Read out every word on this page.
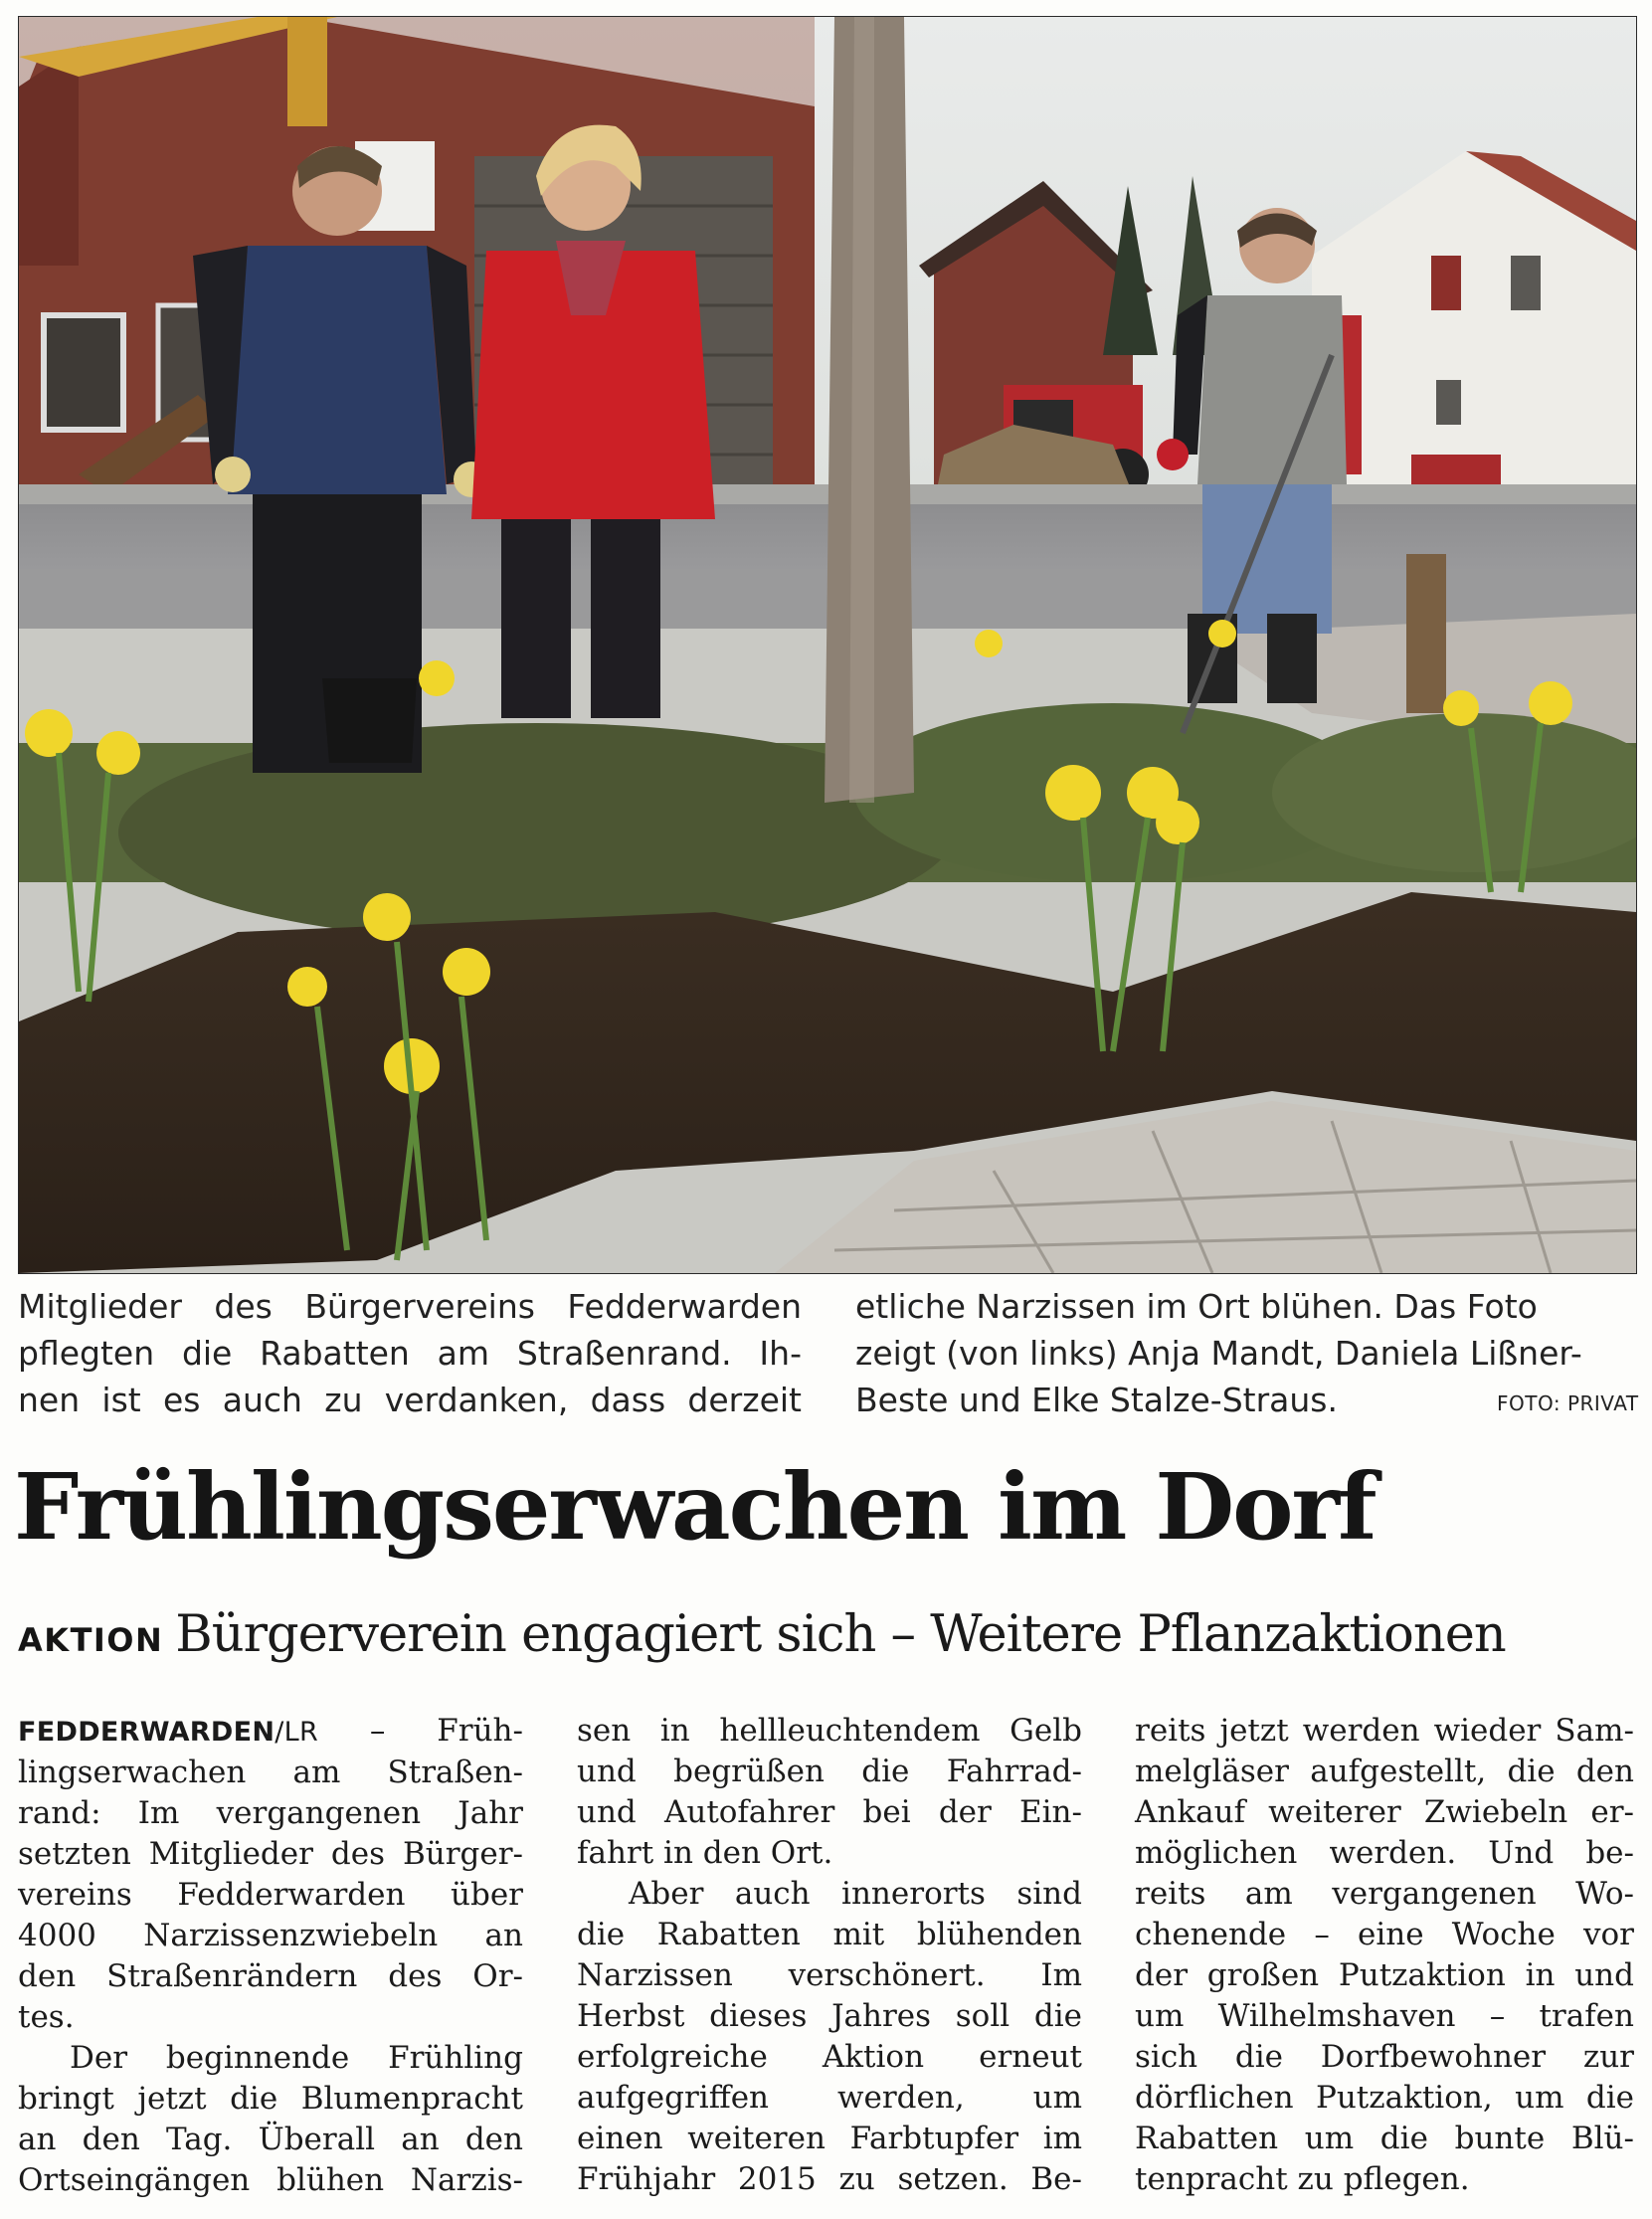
Mitglieder des Bürgervereins Fedderwarden
pflegten die Rabatten am Straßenrand. Ih-
nen ist es auch zu verdanken, dass derzeit
etliche Narzissen im Ort blühen. Das Foto
zeigt (von links) Anja Mandt, Daniela Lißner-
Beste und Elke Stalze-Straus.	FOTO: PRIVAT
Frühlingserwachen im Dorf
AKTION Bürgerverein engagiert sich – Weitere Pflanzaktionen
FEDDERWARDEN/LR – Früh-
lingserwachen am Straßen-
rand: Im vergangenen Jahr
setzten Mitglieder des Bürger-
vereins Fedderwarden über
4000 Narzissenzwiebeln an
den Straßenrändern des Or-
tes.
Der beginnende Frühling
bringt jetzt die Blumenpracht
an den Tag. Überall an den
Ortseingängen blühen Narzis-
sen in hellleuchtendem Gelb
und begrüßen die Fahrrad-
und Autofahrer bei der Ein-
fahrt in den Ort.
Aber auch innerorts sind
die Rabatten mit blühenden
Narzissen verschönert. Im
Herbst dieses Jahres soll die
erfolgreiche Aktion erneut
aufgegriffen werden, um
einen weiteren Farbtupfer im
Frühjahr 2015 zu setzen. Be-
reits jetzt werden wieder Sam-
melgläser aufgestellt, die den
Ankauf weiterer Zwiebeln er-
möglichen werden. Und be-
reits am vergangenen Wo-
chenende – eine Woche vor
der großen Putzaktion in und
um Wilhelmshaven – trafen
sich die Dorfbewohner zur
dörflichen Putzaktion, um die
Rabatten um die bunte Blü-
tenpracht zu pflegen.
